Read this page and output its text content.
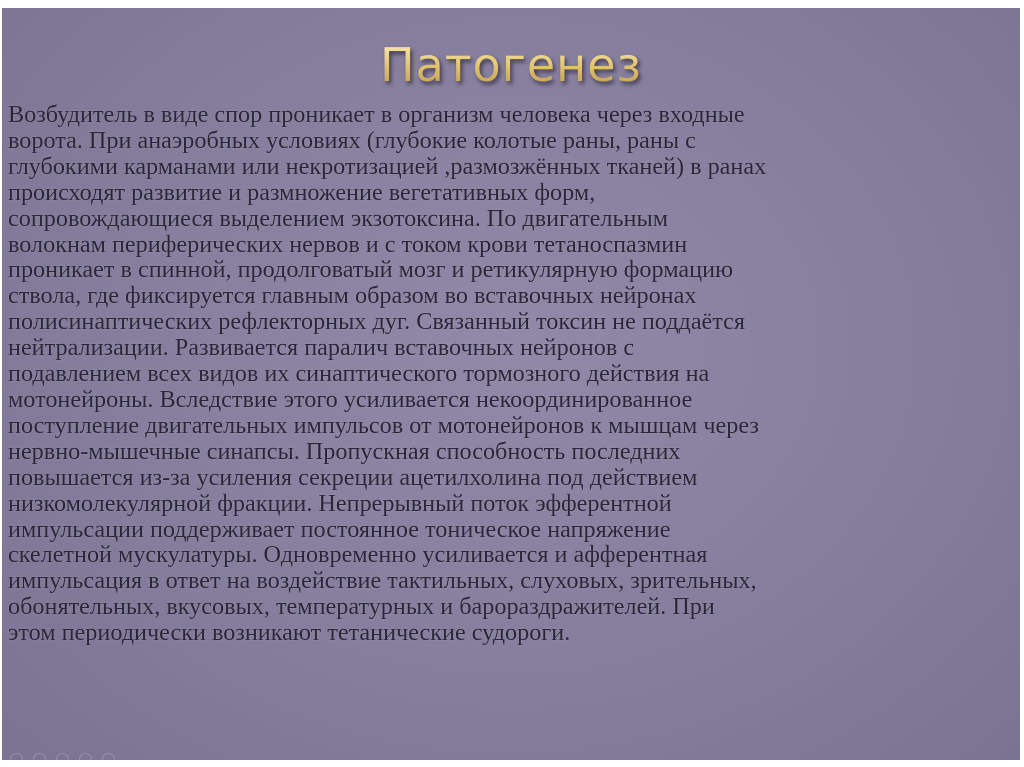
Патогенез

Возбудитель в виде спор проникает в организм человека через входные
ворота. При анаэробных условиях (глубокие колотые раны, раны с
глубокими карманами или некротизацией ,размозжённых тканей) в ранах
происходят развитие и размножение вегетативных форм,
сопровождающиеся выделением экзотоксина. По двигательным
волокнам периферических нервов и с током крови тетаноспазмин
проникает в спинной, продолговатый мозг и ретикулярную формацию
ствола, где фиксируется главным образом во вставочных нейронах
полисинаптических рефлекторных дуг. Связанный токсин не поддаётся
нейтрализации. Развивается паралич вставочных нейронов с
подавлением всех видов их синаптического тормозного действия на
мотонейроны. Вследствие этого усиливается некоординированное
поступление двигательных импульсов от мотонейронов к мышцам через
нервно-мышечные синапсы. Пропускная способность последних
повышается из-за усиления секреции ацетилхолина под действием
низкомолекулярной фракции. Непрерывный поток эфферентной
импульсации поддерживает постоянное тоническое напряжение
скелетной мускулатуры. Одновременно усиливается и афферентная
импульсация в ответ на воздействие тактильных, слуховых, зрительных,
обонятельных, вкусовых, температурных и барораздражителей. При
этом периодически возникают тетанические судороги.
